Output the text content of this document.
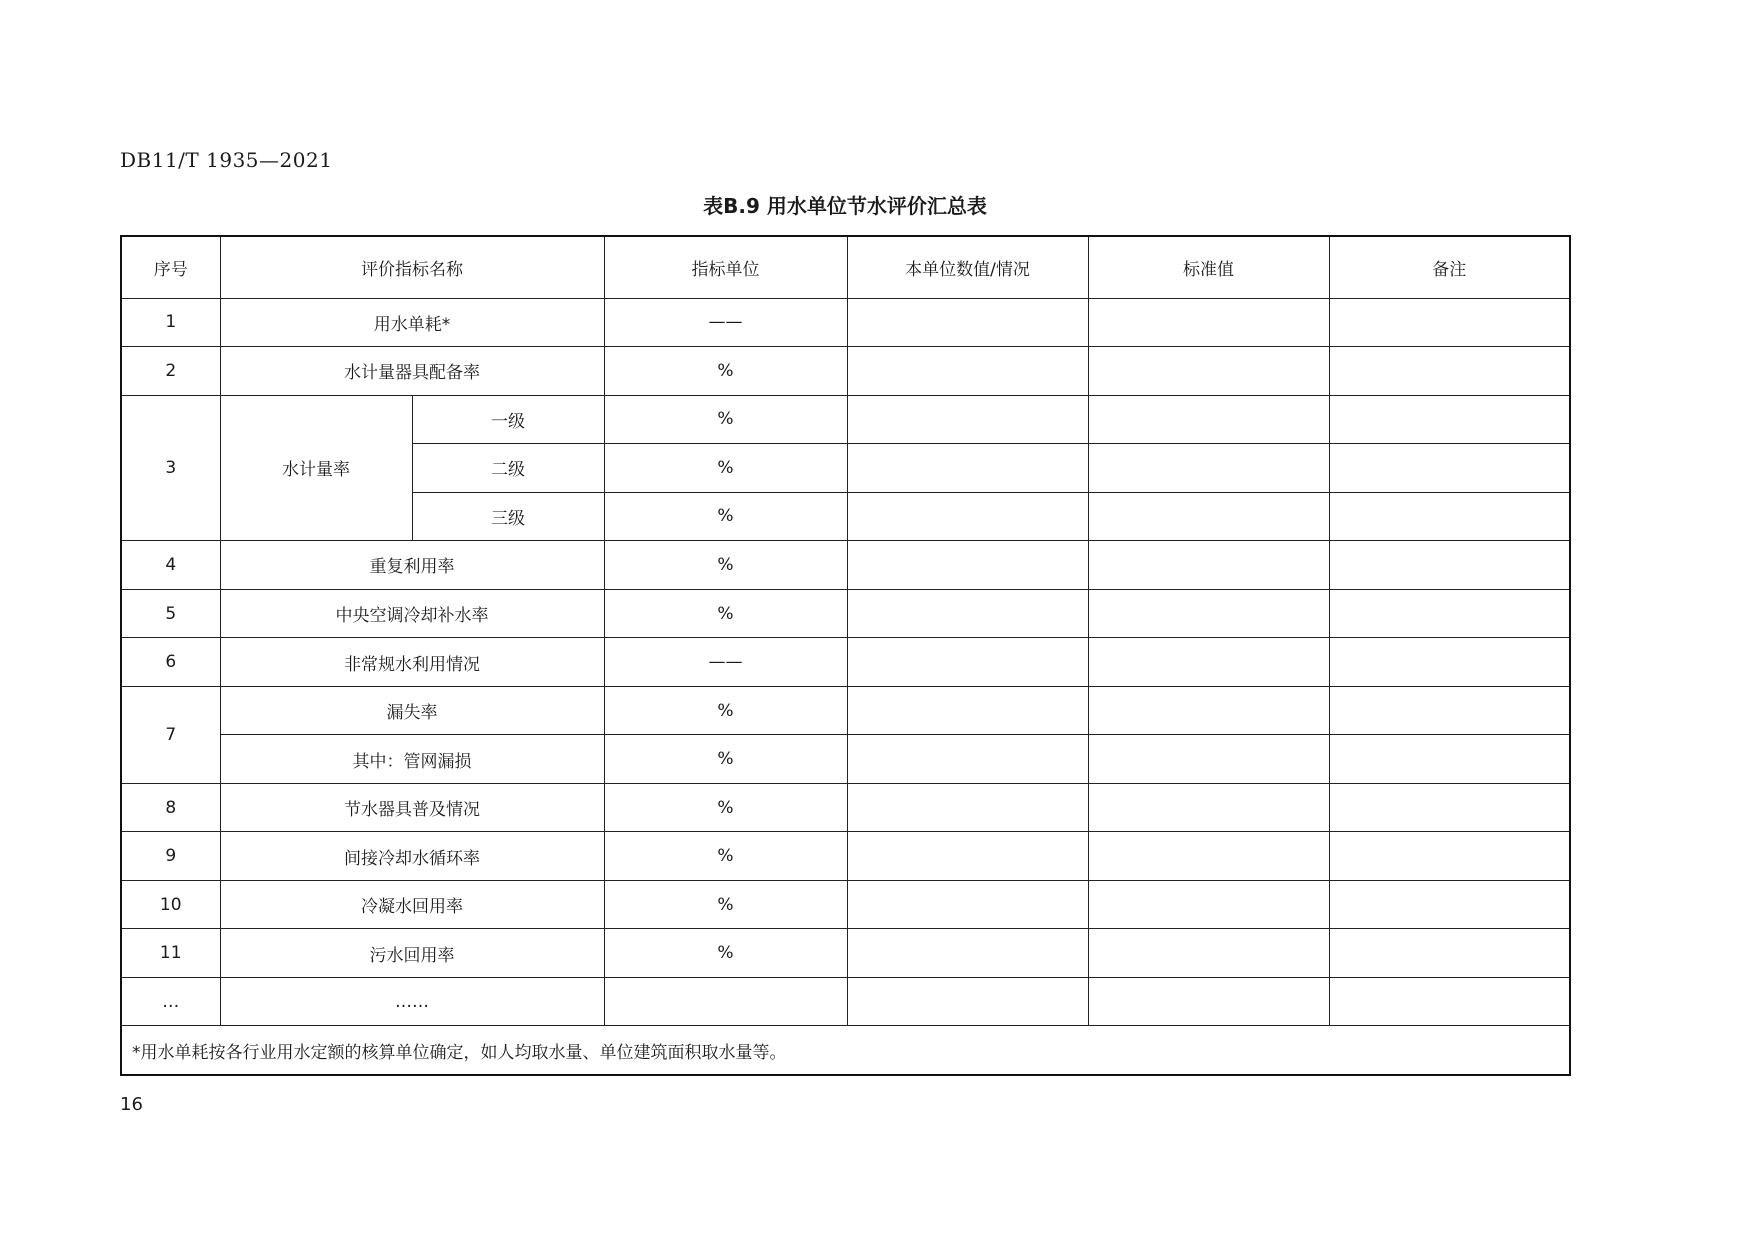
DB11/T 1935—2021
表B.9 用水单位节水评价汇总表
序号	评价指标名称		指标单位	本单位数值/情况	标准值	备注
1	用水单耗*		——			
2	水计量器具配备率		%			
3	水计量率	一级	%			
		二级	%			
		三级	%			
4	重复利用率		%			
5	中央空调冷却补水率		%			
6	非常规水利用情况		——			
7	漏失率		%			
	其中：管网漏损		%			
8	节水器具普及情况		%			
9	间接冷却水循环率		%			
10	冷凝水回用率		%			
11	污水回用率		%			
…	……					
*用水单耗按各行业用水定额的核算单位确定，如人均取水量、单位建筑面积取水量等。						
16
